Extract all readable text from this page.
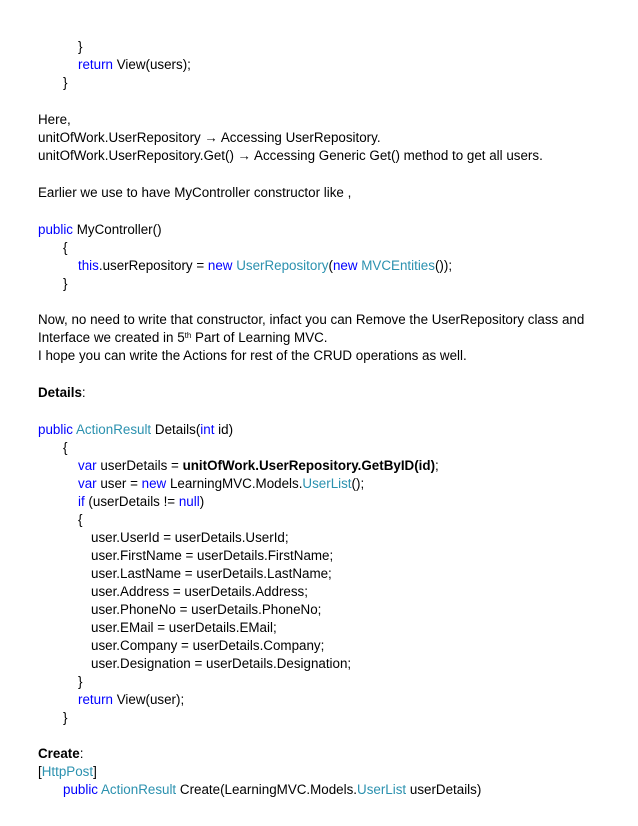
}
return View(users);
}
Here,
unitOfWork.UserRepository → Accessing UserRepository.
unitOfWork.UserRepository.Get() → Accessing Generic Get() method to get all users.
Earlier we use to have MyController constructor like ,
public MyController()
{
this.userRepository = new UserRepository(new MVCEntities());
}
Now, no need to write that constructor, infact you can Remove the UserRepository class and
Interface we created in 5th Part of Learning MVC.
I hope you can write the Actions for rest of the CRUD operations as well.
Details:
public ActionResult Details(int id)
{
var userDetails = unitOfWork.UserRepository.GetByID(id);
var user = new LearningMVC.Models.UserList();
if (userDetails != null)
{
user.UserId = userDetails.UserId;
user.FirstName = userDetails.FirstName;
user.LastName = userDetails.LastName;
user.Address = userDetails.Address;
user.PhoneNo = userDetails.PhoneNo;
user.EMail = userDetails.EMail;
user.Company = userDetails.Company;
user.Designation = userDetails.Designation;
}
return View(user);
}
Create:
[HttpPost]
public ActionResult Create(LearningMVC.Models.UserList userDetails)
